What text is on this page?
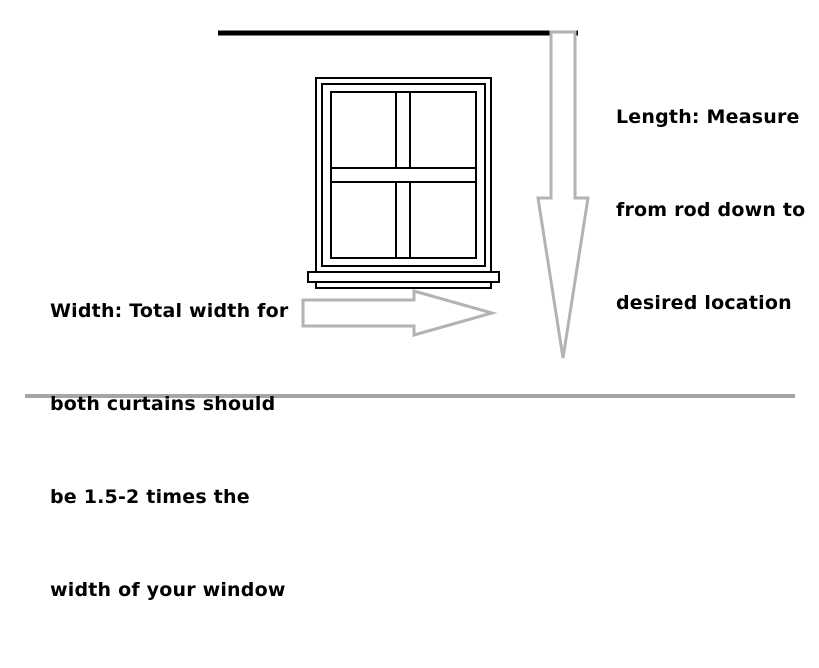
Length: Measure

from rod down to

desired location

Width: Total width for

both curtains should

be 1.5-2 times the

width of your window
